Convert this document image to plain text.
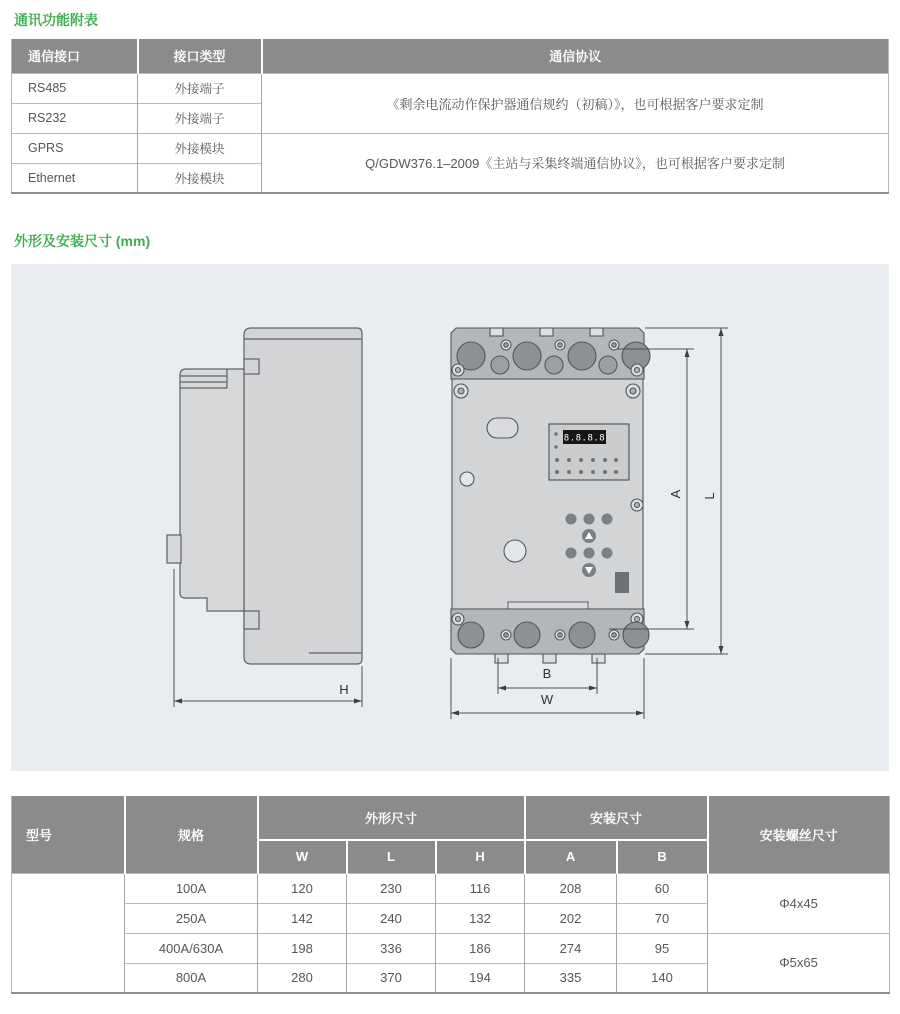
通讯功能附表
通信接口	接口类型	通信协议
RS485	外接端子	《剩余电流动作保护器通信规约（初稿）》，也可根据客户要求定制
RS232	外接端子	
GPRS	外接模块	Q/GDW376.1–2009《主站与采集终端通信协议》，也可根据客户要求定制
Ethernet	外接模块	
外形及安装尺寸 (mm)
8.8.8.8
H
A L
B
W
型号	规格	外形尺寸			安装尺寸		安装螺丝尺寸
		W	L	H	A	B	
	100A	120	230	116	208	60	Φ4x45
	250A	142	240	132	202	70	
	400A/630A	198	336	186	274	95	Φ5x65
	800A	280	370	194	335	140	
